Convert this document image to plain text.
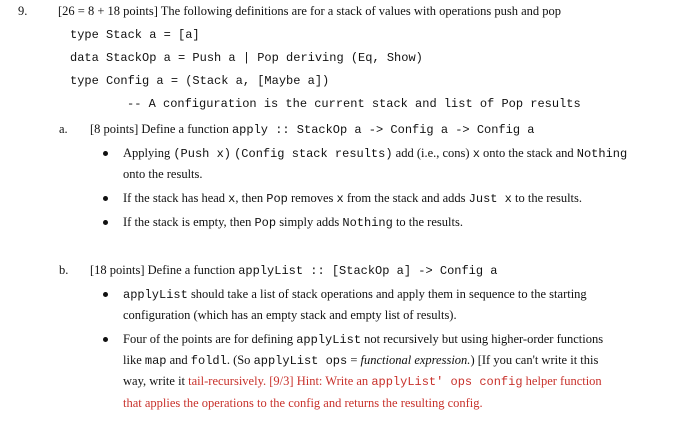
9. [26 = 8 + 18 points] The following definitions are for a stack of values with operations push and pop
type Stack a = [a]
data StackOp a = Push a | Pop deriving (Eq, Show)
type Config a = (Stack a, [Maybe a])
-- A configuration is the current stack and list of Pop results
a. [8 points] Define a function apply :: StackOp a -> Config a -> Config a
Applying (Push x) (Config stack results) add (i.e., cons) x onto the stack and Nothing
onto the results.
If the stack has head x, then Pop removes x from the stack and adds Just x to the results.
If the stack is empty, then Pop simply adds Nothing to the results.
b. [18 points] Define a function applyList :: [StackOp a] -> Config a
applyList should take a list of stack operations and apply them in sequence to the starting
configuration (which has an empty stack and empty list of results).
Four of the points are for defining applyList not recursively but using higher-order functions
like map and foldl. (So applyList ops = functional expression.) [If you can't write it this
way, write it tail-recursively. [9/3] Hint: Write an applyList' ops config helper function
that applies the operations to the config and returns the resulting config.
